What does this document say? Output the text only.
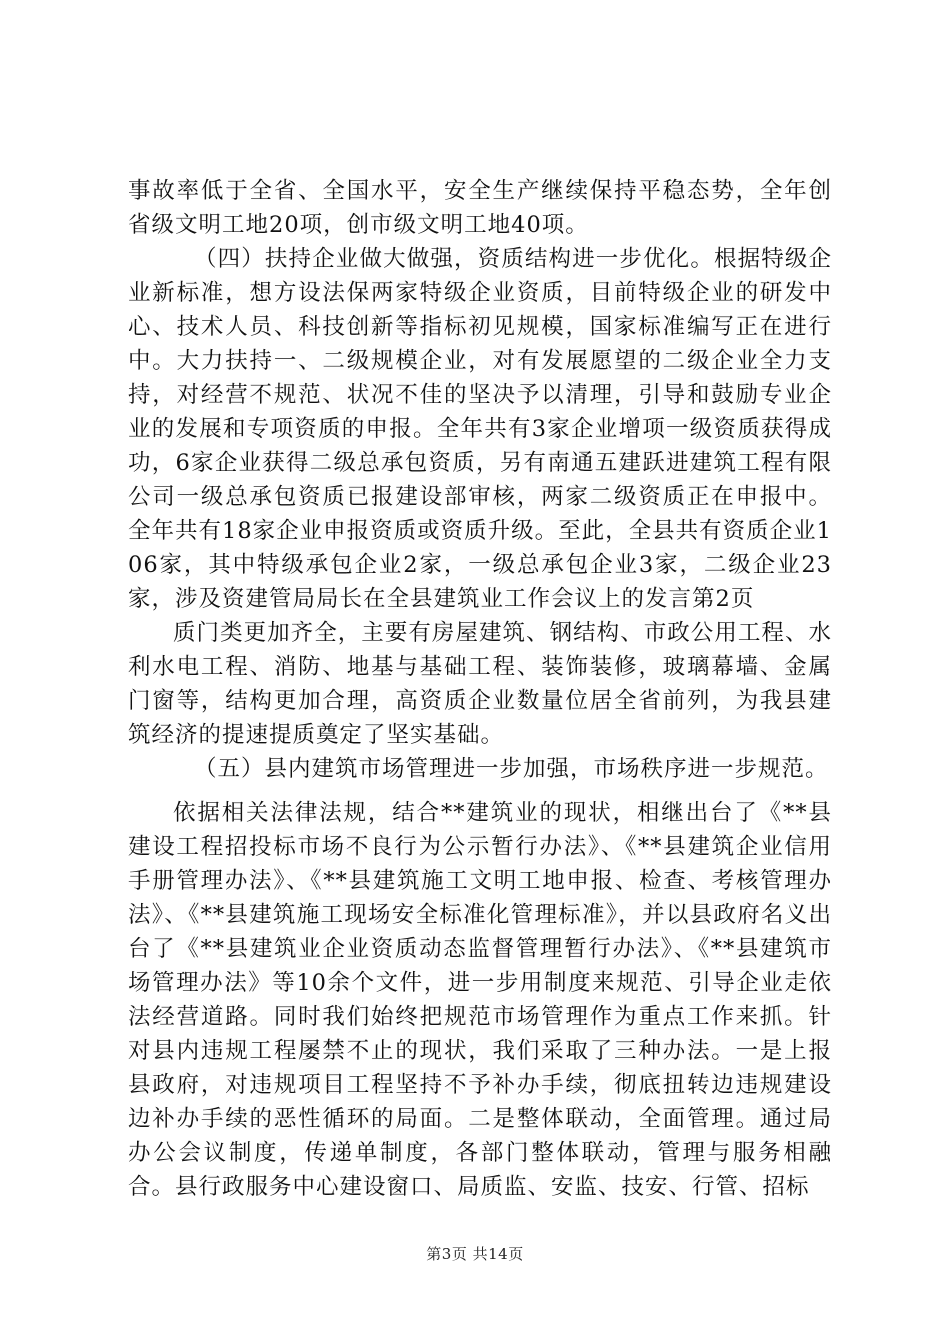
事故率低于全省、全国水平，安全生产继续保持平稳态势，全年创省级文明工地20项，创市级文明工地40项。

（四）扶持企业做大做强，资质结构进一步优化。根据特级企业新标准，想方设法保两家特级企业资质，目前特级企业的研发中心、技术人员、科技创新等指标初见规模，国家标准编写正在进行中。大力扶持一、二级规模企业，对有发展愿望的二级企业全力支持，对经营不规范、状况不佳的坚决予以清理，引导和鼓励专业企业的发展和专项资质的申报。全年共有3家企业增项一级资质获得成功，6家企业获得二级总承包资质，另有南通五建跃进建筑工程有限公司一级总承包资质已报建设部审核，两家二级资质正在申报中。全年共有18家企业申报资质或资质升级。至此，全县共有资质企业106家，其中特级承包企业2家，一级总承包企业3家，二级企业23家，涉及资建管局局长在全县建筑业工作会议上的发言第2页

质门类更加齐全，主要有房屋建筑、钢结构、市政公用工程、水利水电工程、消防、地基与基础工程、装饰装修，玻璃幕墙、金属门窗等，结构更加合理，高资质企业数量位居全省前列，为我县建筑经济的提速提质奠定了坚实基础。

（五）县内建筑市场管理进一步加强，市场秩序进一步规范。

依据相关法律法规，结合**建筑业的现状，相继出台了《**县建设工程招投标市场不良行为公示暂行办法》、《**县建筑企业信用手册管理办法》、《**县建筑施工文明工地申报、检查、考核管理办法》、《**县建筑施工现场安全标准化管理标准》，并以县政府名义出台了《**县建筑业企业资质动态监督管理暂行办法》、《**县建筑市场管理办法》等10余个文件，进一步用制度来规范、引导企业走依法经营道路。同时我们始终把规范市场管理作为重点工作来抓。针对县内违规工程屡禁不止的现状，我们采取了三种办法。一是上报县政府，对违规项目工程坚持不予补办手续，彻底扭转边违规建设边补办手续的恶性循环的局面。二是整体联动，全面管理。通过局办公会议制度，传递单制度，各部门整体联动，管理与服务相融合。县行政服务中心建设窗口、局质监、安监、技安、行管、招标

第3页 共14页
